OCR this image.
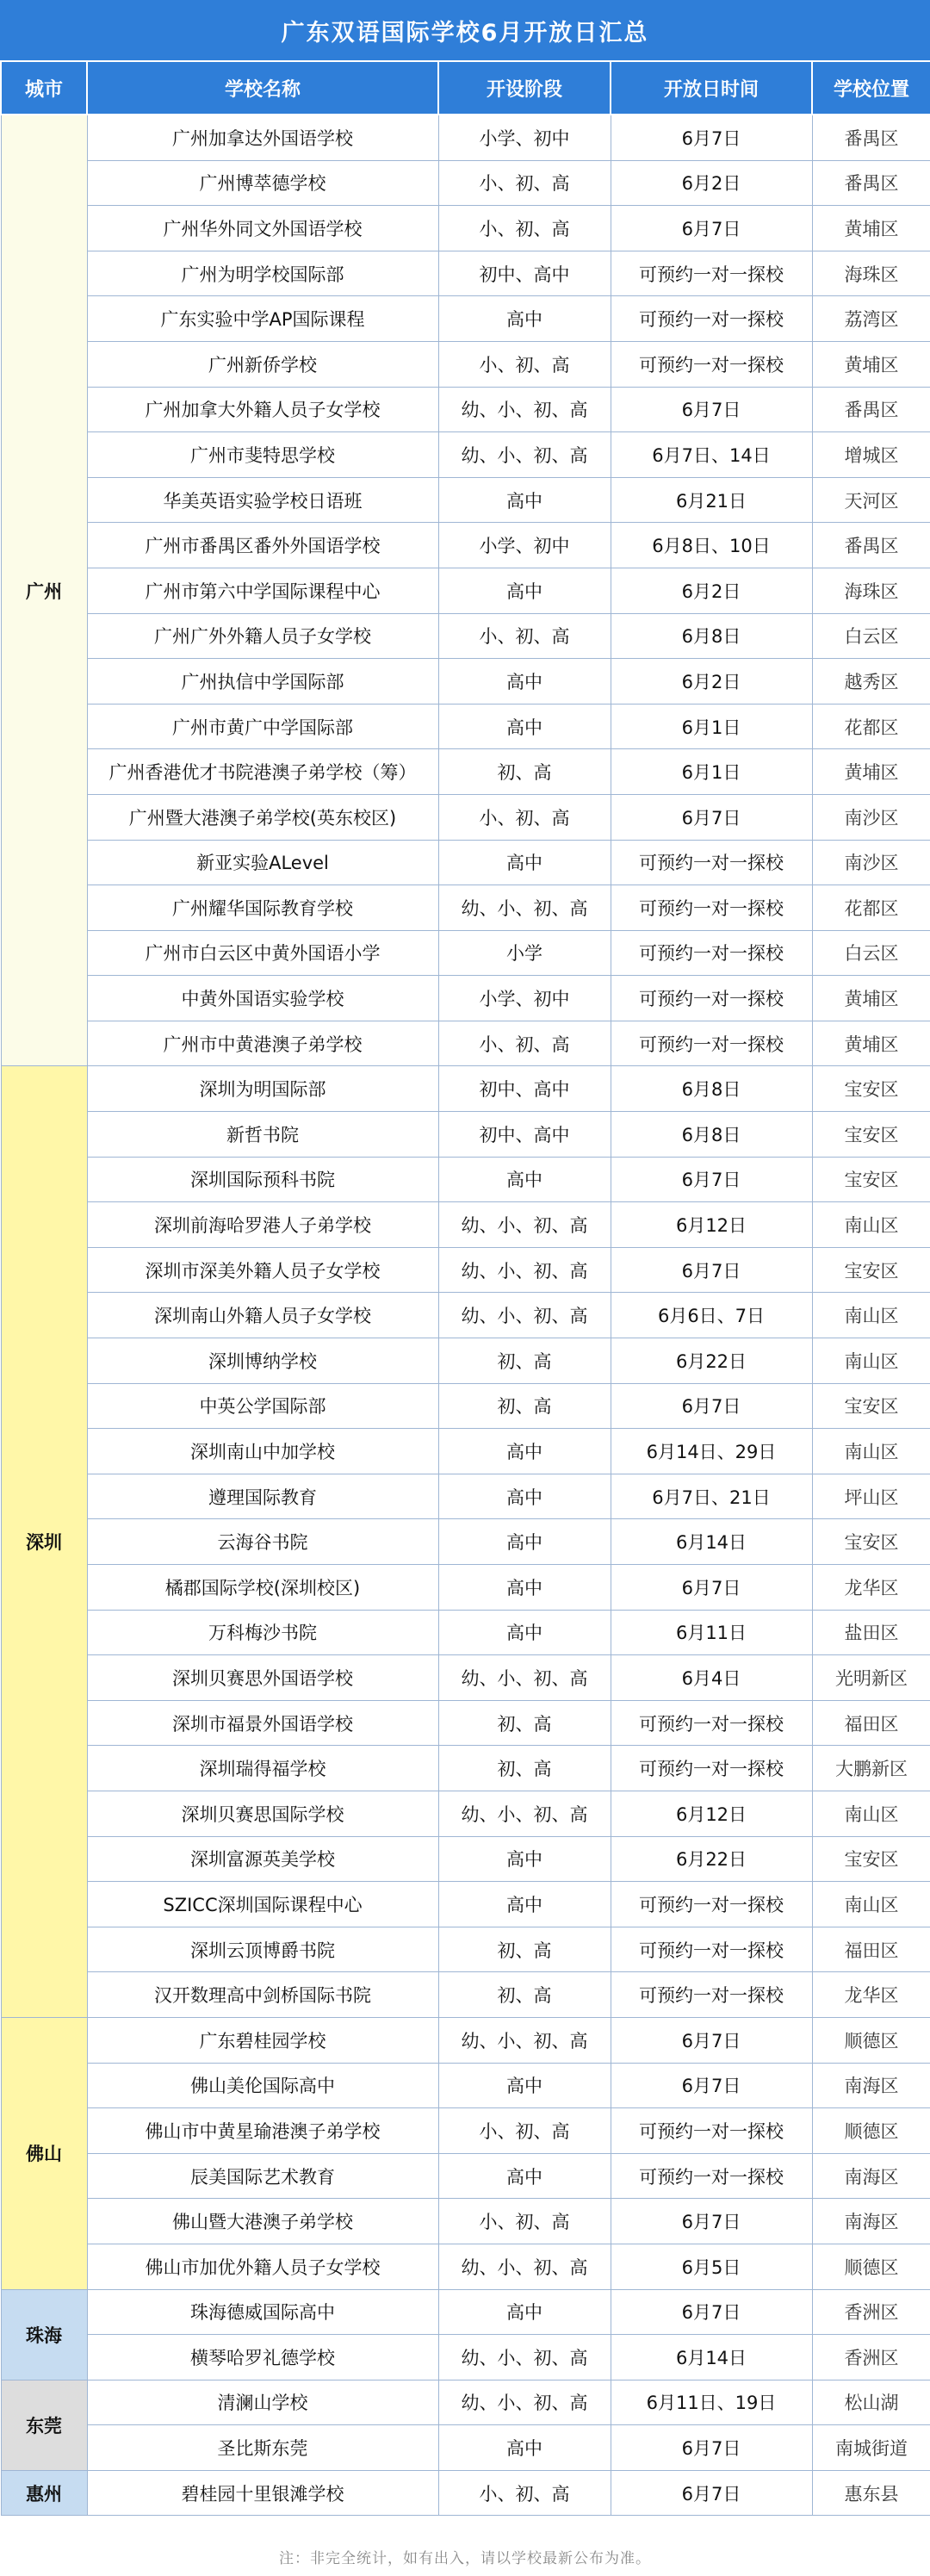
广东双语国际学校6月开放日汇总
城市	学校名称	开设阶段	开放日时间	学校位置
广州	广州加拿达外国语学校	小学、初中	6月7日	番禺区
	广州博萃德学校	小、初、高	6月2日	番禺区
	广州华外同文外国语学校	小、初、高	6月7日	黄埔区
	广州为明学校国际部	初中、高中	可预约一对一探校	海珠区
	广东实验中学AP国际课程	高中	可预约一对一探校	荔湾区
	广州新侨学校	小、初、高	可预约一对一探校	黄埔区
	广州加拿大外籍人员子女学校	幼、小、初、高	6月7日	番禺区
	广州市斐特思学校	幼、小、初、高	6月7日、14日	增城区
	华美英语实验学校日语班	高中	6月21日	天河区
	广州市番禺区番外外国语学校	小学、初中	6月8日、10日	番禺区
	广州市第六中学国际课程中心	高中	6月2日	海珠区
	广州广外外籍人员子女学校	小、初、高	6月8日	白云区
	广州执信中学国际部	高中	6月2日	越秀区
	广州市黄广中学国际部	高中	6月1日	花都区
	广州香港优才书院港澳子弟学校（筹）	初、高	6月1日	黄埔区
	广州暨大港澳子弟学校(英东校区)	小、初、高	6月7日	南沙区
	新亚实验ALevel	高中	可预约一对一探校	南沙区
	广州耀华国际教育学校	幼、小、初、高	可预约一对一探校	花都区
	广州市白云区中黄外国语小学	小学	可预约一对一探校	白云区
	中黄外国语实验学校	小学、初中	可预约一对一探校	黄埔区
	广州市中黄港澳子弟学校	小、初、高	可预约一对一探校	黄埔区
深圳	深圳为明国际部	初中、高中	6月8日	宝安区
	新哲书院	初中、高中	6月8日	宝安区
	深圳国际预科书院	高中	6月7日	宝安区
	深圳前海哈罗港人子弟学校	幼、小、初、高	6月12日	南山区
	深圳市深美外籍人员子女学校	幼、小、初、高	6月7日	宝安区
	深圳南山外籍人员子女学校	幼、小、初、高	6月6日、7日	南山区
	深圳博纳学校	初、高	6月22日	南山区
	中英公学国际部	初、高	6月7日	宝安区
	深圳南山中加学校	高中	6月14日、29日	南山区
	遵理国际教育	高中	6月7日、21日	坪山区
	云海谷书院	高中	6月14日	宝安区
	橘郡国际学校(深圳校区)	高中	6月7日	龙华区
	万科梅沙书院	高中	6月11日	盐田区
	深圳贝赛思外国语学校	幼、小、初、高	6月4日	光明新区
	深圳市福景外国语学校	初、高	可预约一对一探校	福田区
	深圳瑞得福学校	初、高	可预约一对一探校	大鹏新区
	深圳贝赛思国际学校	幼、小、初、高	6月12日	南山区
	深圳富源英美学校	高中	6月22日	宝安区
	SZICC深圳国际课程中心	高中	可预约一对一探校	南山区
	深圳云顶博爵书院	初、高	可预约一对一探校	福田区
	汉开数理高中剑桥国际书院	初、高	可预约一对一探校	龙华区
佛山	广东碧桂园学校	幼、小、初、高	6月7日	顺德区
	佛山美伦国际高中	高中	6月7日	南海区
	佛山市中黄星瑜港澳子弟学校	小、初、高	可预约一对一探校	顺德区
	辰美国际艺术教育	高中	可预约一对一探校	南海区
	佛山暨大港澳子弟学校	小、初、高	6月7日	南海区
	佛山市加优外籍人员子女学校	幼、小、初、高	6月5日	顺德区
珠海	珠海德威国际高中	高中	6月7日	香洲区
	横琴哈罗礼德学校	幼、小、初、高	6月14日	香洲区
东莞	清澜山学校	幼、小、初、高	6月11日、19日	松山湖
	圣比斯东莞	高中	6月7日	南城街道
惠州	碧桂园十里银滩学校	小、初、高	6月7日	惠东县
注：非完全统计，如有出入，请以学校最新公布为准。
